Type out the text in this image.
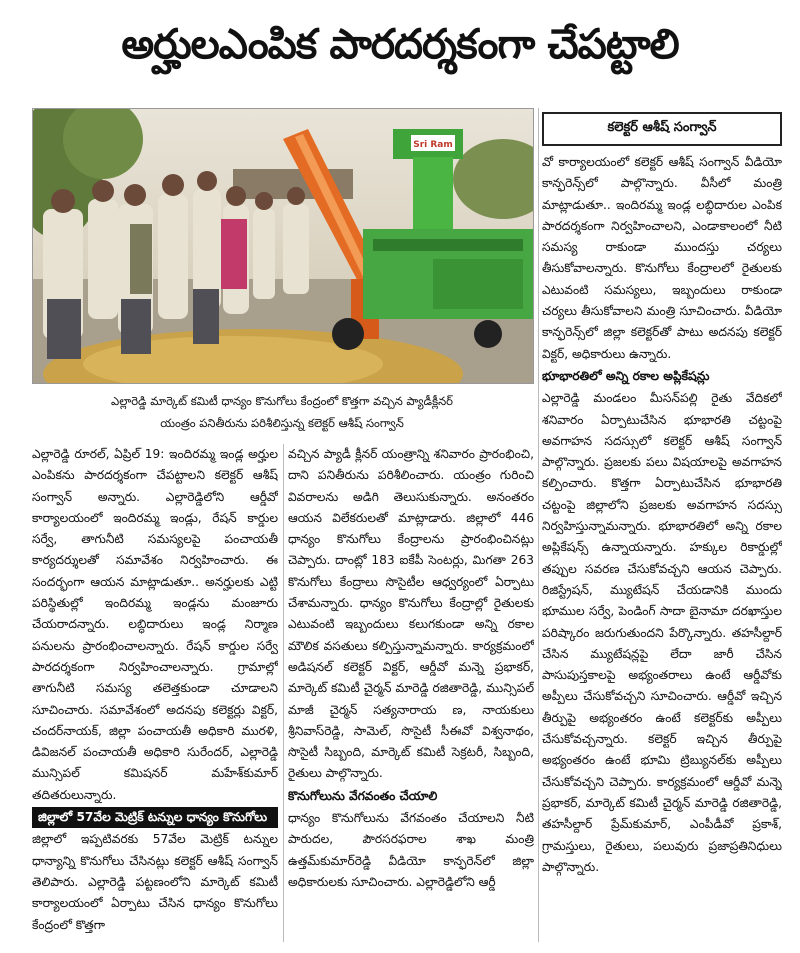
అర్హులఎంపిక పారదర్శకంగా చేపట్టాలి
Sri Ram
ఎల్లారెడ్డి మార్కెట్ కమిటీ ధాన్యం కొనుగోలు కేంద్రంలో కొత్తగా వచ్చిన ప్యాడీక్లీనర్
యంత్రం పనితీరును పరిశీలిస్తున్న కలెక్టర్ ఆశీష్ సంగ్వాన్
కలెక్టర్ ఆశీష్ సంగ్వాన్

ఎల్లారెడ్డి రూరల్, ఏప్రిల్ 19: ఇందిరమ్మ ఇండ్ల అర్హుల ఎంపికను పారదర్శకంగా చేపట్టాలని కలెక్టర్ ఆశీష్ సంగ్వాన్ అన్నారు. ఎల్లారెడ్డిలోని ఆర్డీవో కార్యాలయంలో ఇందిరమ్మ ఇండ్లు, రేషన్ కార్డుల సర్వే, తాగునీటి సమస్యలపై పంచాయతీ కార్యదర్శులతో సమావేశం నిర్వహించారు. ఈ సందర్భంగా ఆయన మాట్లాడుతూ.. అనర్హులకు ఎట్టి పరిస్థితుల్లో ఇందిరమ్మ ఇండ్లను మంజూరు చేయరాదన్నారు. లబ్ధిదారులు ఇండ్ల నిర్మాణ పనులను ప్రారంభించాలన్నారు. రేషన్ కార్డుల సర్వే పారదర్శకంగా నిర్వహించాలన్నారు. గ్రామాల్లో తాగునీటి సమస్య తలెత్తకుండా చూడాలని సూచించారు. సమావేశంలో అదనపు కలెక్టర్లు విక్టర్, చందర్‌నాయక్, జిల్లా పంచాయతీ అధికారి మురళి, డివిజనల్ పంచాయతీ అధికారి సురేందర్, ఎల్లారెడ్డి మున్సిపల్ కమిషనర్ మహేశ్‌కుమార్ తదితరులున్నారు.

జిల్లాలో 57వేల మెట్రిక్ టన్నుల ధాన్యం కొనుగోలు

జిల్లాలో ఇప్పటివరకు 57వేల మెట్రిక్ టన్నుల ధాన్యాన్ని కొనుగోలు చేసినట్లు కలెక్టర్ ఆశీష్ సంగ్వాన్ తెలిపారు. ఎల్లారెడ్డి పట్టణంలోని మార్కెట్ కమిటీ కార్యాలయంలో ఏర్పాటు చేసిన ధాన్యం కొనుగోలు కేంద్రంలో కొత్తగా

వచ్చిన ప్యాడీ క్లీనర్ యంత్రాన్ని శనివారం ప్రారంభించి, దాని పనితీరును పరిశీలించారు. యంత్రం గురించి వివరాలను అడిగి తెలుసుకున్నారు. అనంతరం ఆయన విలేకరులతో మాట్లాడారు. జిల్లాలో 446 ధాన్యం కొనుగోలు కేంద్రాలను ప్రారంభించినట్లు చెప్పారు. దాంట్లో 183 ఐకేపీ సెంటర్లు, మిగతా 263 కొనుగోలు కేంద్రాలు సొసైటీల ఆధ్వర్యంలో ఏర్పాటు చేశామన్నారు. ధాన్యం కొనుగోలు కేంద్రాల్లో రైతులకు ఎటువంటి ఇబ్బందులు కలుగకుండా అన్ని రకాల మౌలిక వసతులు కల్పిస్తున్నామన్నారు. కార్యక్రమంలో అడిషనల్ కలెక్టర్ విక్టర్, ఆర్డీవో మన్నె ప్రభాకర్, మార్కెట్ కమిటీ చైర్మన్ మారెడ్డి రజితారెడ్డి, మున్సిపల్ మాజీ చైర్మన్ సత్యనారాయ ణ, నాయకులు శ్రీనివాస్‌రెడ్డి, సామెల్, సొసైటీ సీఈవో విశ్వనాథం, సొసైటీ సిబ్బంది, మార్కెట్ కమిటీ సెక్రటరీ, సిబ్బంది, రైతులు పాల్గొన్నారు.

కొనుగోలును వేగవంతం చేయాలి

ధాన్యం కొనుగోలును వేగవంతం చేయాలని నీటి పారుదల, పౌరసరఫరాల శాఖ మంత్రి ఉత్తమ్‌కుమార్‌రెడ్డి వీడియో కాన్ఫరెన్‌లో జిల్లా అధికారులకు సూచించారు. ఎల్లారెడ్డిలోని ఆర్డీ

వో కార్యాలయంలో కలెక్టర్ ఆశీష్ సంగ్వాన్ వీడియో కాన్ఫరెన్స్‌లో పాల్గొన్నారు. వీసీలో మంత్రి మాట్లాడుతూ.. ఇందిరమ్మ ఇండ్ల లబ్ధిదారుల ఎంపిక పారదర్శకంగా నిర్వహించాలని, ఎండాకాలంలో నీటి సమస్య రాకుండా ముందస్తు చర్యలు తీసుకోవాలన్నారు. కొనుగోలు కేంద్రాలలో రైతులకు ఎటువంటి సమస్యలు, ఇబ్బందులు రాకుండా చర్యలు తీసుకోవాలని మంత్రి సూచించారు. వీడియో కాన్ఫరెన్స్‌లో జిల్లా కలెక్టర్‌తో పాటు అదనపు కలెక్టర్ విక్టర్, అధికారులు ఉన్నారు.

భూభారతిలో అన్ని రకాల అప్లికేషన్లు

ఎల్లారెడ్డి మండలం మీసన్‌పల్లి రైతు వేదికలో శనివారం ఏర్పాటుచేసిన భూభారతి చట్టంపై అవగాహన సదస్సులో కలెక్టర్ ఆశీష్ సంగ్వాన్ పాల్గొన్నారు. ప్రజలకు పలు విషయాలపై అవగాహన కల్పించారు. కొత్తగా ఏర్పాటుచేసిన భూభారతి చట్టంపై జిల్లాలోని ప్రజలకు అవగాహన సదస్సు నిర్వహిస్తున్నామన్నారు. భూభారతిలో అన్ని రకాల అప్లికేషన్స్ ఉన్నాయన్నారు. హక్కుల రికార్డుల్లో తప్పుల సవరణ చేసుకోవచ్చని ఆయన చెప్పారు. రిజిస్ట్రేషన్, మ్యుటేషన్ చేయడానికి ముందు భూముల సర్వే, పెండింగ్ సాదా బైనామా దరఖాస్తుల పరిష్కారం జరుగుతుందని పేర్కొన్నారు. తహసీల్దార్ చేసిన మ్యుటేషన్లపై లేదా జారీ చేసిన పాసుపుస్తకాలపై అభ్యంతరాలు ఉంటే ఆర్డీవోకు అప్పీలు చేసుకోవచ్చని సూచించారు. ఆర్డీవో ఇచ్చిన తీర్పుపై అభ్యంతరం ఉంటే కలెక్టర్‌కు అప్పీలు చేసుకోవచ్చన్నారు. కలెక్టర్ ఇచ్చిన తీర్పుపై అభ్యంతరం ఉంటే భూమి ట్రిబ్యునల్‌కు అప్పీలు చేసుకోవచ్చని చెప్పారు. కార్యక్రమంలో ఆర్డీవో మన్నె ప్రభాకర్, మార్కెట్ కమిటీ చైర్మన్ మారెడ్డి రజితారెడ్డి, తహసీల్దార్ ప్రేమ్‌కుమార్, ఎంపీడీవో ప్రకాశ్, గ్రామస్తులు, రైతులు, పలువురు ప్రజాప్రతినిధులు పాల్గొన్నారు.
